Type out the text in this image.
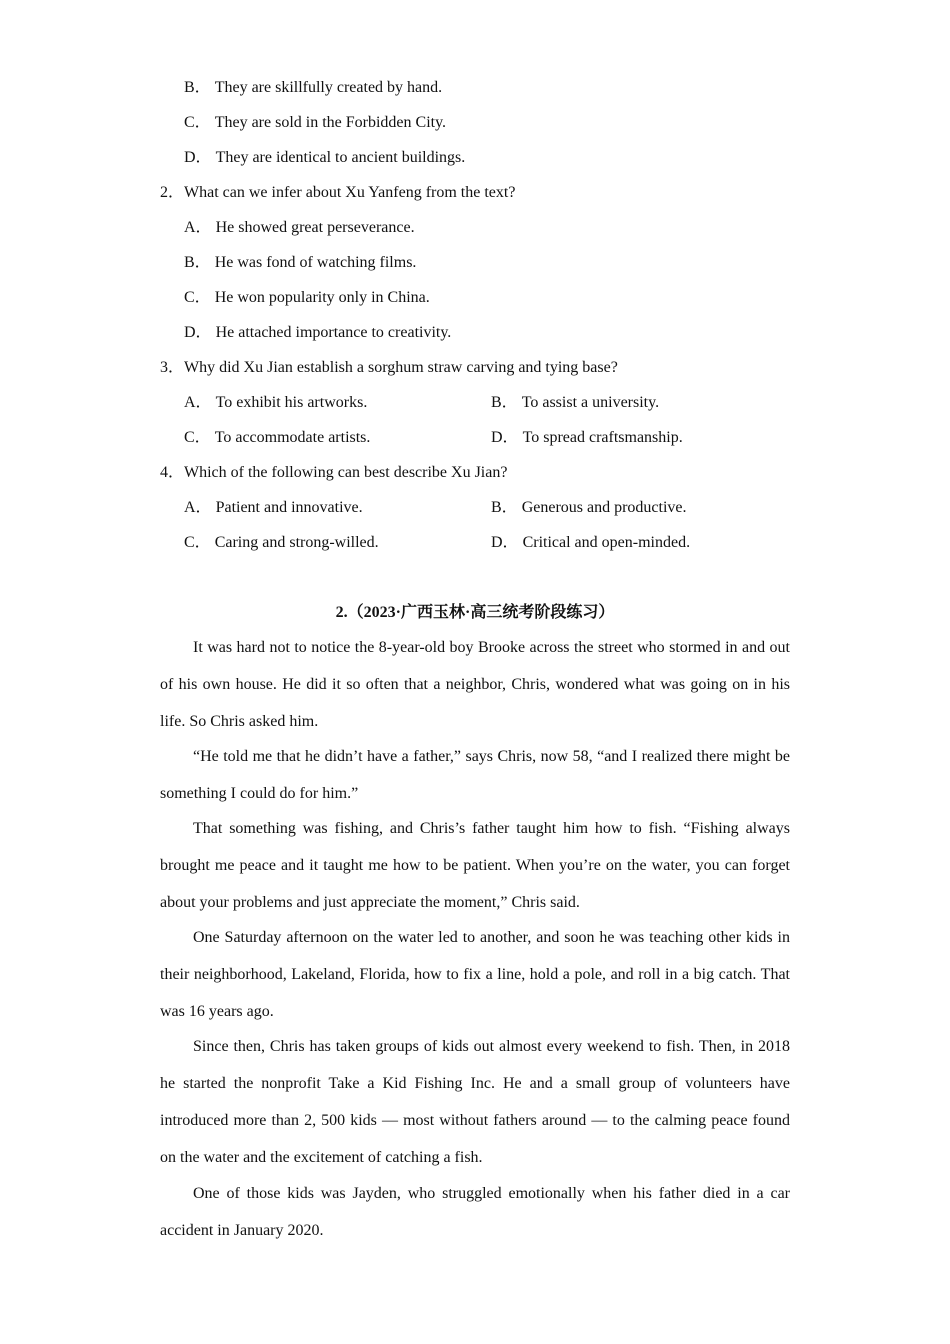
B． They are skillfully created by hand.
C． They are sold in the Forbidden City.
D． They are identical to ancient buildings.
2．What can we infer about Xu Yanfeng from the text?
A． He showed great perseverance.
B． He was fond of watching films.
C． He won popularity only in China.
D． He attached importance to creativity.
3．Why did Xu Jian establish a sorghum straw carving and tying base?
A． To exhibit his artworks.	B． To assist a university.
C． To accommodate artists.	D． To spread craftsmanship.
4．Which of the following can best describe Xu Jian?
A． Patient and innovative.	B． Generous and productive.
C． Caring and strong-willed.	D． Critical and open-minded.
2.（2023·广西玉林·高三统考阶段练习）
It was hard not to notice the 8-year-old boy Brooke across the street who stormed in and out of his own house. He did it so often that a neighbor, Chris, wondered what was going on in his life. So Chris asked him.
“He told me that he didn’t have a father,” says Chris, now 58, “and I realized there might be something I could do for him.”
That something was fishing, and Chris’s father taught him how to fish. “Fishing always brought me peace and it taught me how to be patient. When you’re on the water, you can forget about your problems and just appreciate the moment,” Chris said.
One Saturday afternoon on the water led to another, and soon he was teaching other kids in their neighborhood, Lakeland, Florida, how to fix a line, hold a pole, and roll in a big catch. That was 16 years ago.
Since then, Chris has taken groups of kids out almost every weekend to fish. Then, in 2018 he started the nonprofit Take a Kid Fishing Inc. He and a small group of volunteers have introduced more than 2, 500 kids — most without fathers around — to the calming peace found on the water and the excitement of catching a fish.
One of those kids was Jayden, who struggled emotionally when his father died in a car accident in January 2020.
